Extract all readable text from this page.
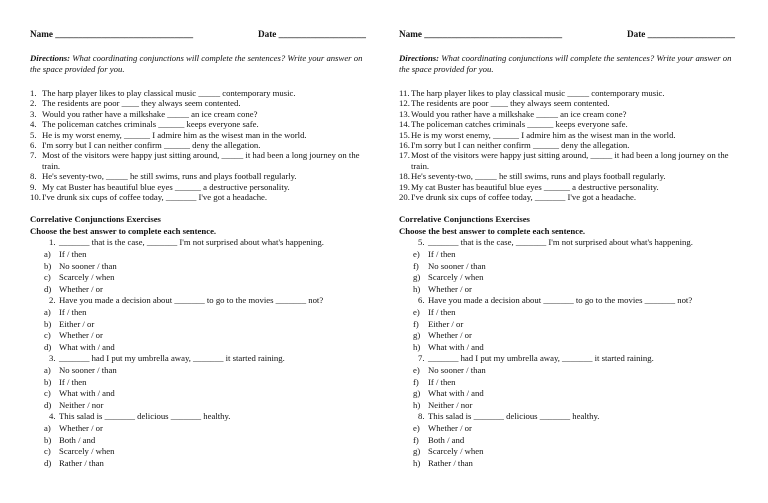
Name ______________________________	Date ___________________
Directions: What coordinating conjunctions will complete the sentences? Write your answer on the space provided for you.
1. The harp player likes to play classical music _____ contemporary music.
2. The residents are poor ____ they always seem contented.
3. Would you rather have a milkshake _____ an ice cream cone?
4. The policeman catches criminals ______ keeps everyone safe.
5. He is my worst enemy, ______ I admire him as the wisest man in the world.
6. I'm sorry but I can neither confirm ______ deny the allegation.
7. Most of the visitors were happy just sitting around, _____ it had been a long journey on the train.
8. He's seventy-two, _____ he still swims, runs and plays football regularly.
9. My cat Buster has beautiful blue eyes ______ a destructive personality.
10. I've drunk six cups of coffee today, _______ I've got a headache.
Correlative Conjunctions Exercises
Choose the best answer to complete each sentence.
1. _______ that is the case, _______ I'm not surprised about what's happening.
a) If / then
b) No sooner / than
c) Scarcely / when
d) Whether / or
2. Have you made a decision about _______ to go to the movies _______ not?
a) If / then
b) Either / or
c) Whether / or
d) What with / and
3. _______ had I put my umbrella away, _______ it started raining.
a) No sooner / than
b) If / then
c) What with / and
d) Neither / nor
4. This salad is _______ delicious _______ healthy.
a) Whether / or
b) Both / and
c) Scarcely / when
d) Rather / than
Name ______________________________	Date ___________________
Directions: What coordinating conjunctions will complete the sentences? Write your answer on the space provided for you.
11. The harp player likes to play classical music _____ contemporary music.
12. The residents are poor ____ they always seem contented.
13. Would you rather have a milkshake _____ an ice cream cone?
14. The policeman catches criminals ______ keeps everyone safe.
15. He is my worst enemy, ______ I admire him as the wisest man in the world.
16. I'm sorry but I can neither confirm ______ deny the allegation.
17. Most of the visitors were happy just sitting around, _____ it had been a long journey on the train.
18. He's seventy-two, _____ he still swims, runs and plays football regularly.
19. My cat Buster has beautiful blue eyes ______ a destructive personality.
20. I've drunk six cups of coffee today, _______ I've got a headache.
Correlative Conjunctions Exercises
Choose the best answer to complete each sentence.
5. _______ that is the case, _______ I'm not surprised about what's happening.
e) If / then
f) No sooner / than
g) Scarcely / when
h) Whether / or
6. Have you made a decision about _______ to go to the movies _______ not?
e) If / then
f) Either / or
g) Whether / or
h) What with / and
7. _______ had I put my umbrella away, _______ it started raining.
e) No sooner / than
f) If / then
g) What with / and
h) Neither / nor
8. This salad is _______ delicious _______ healthy.
e) Whether / or
f) Both / and
g) Scarcely / when
h) Rather / than
